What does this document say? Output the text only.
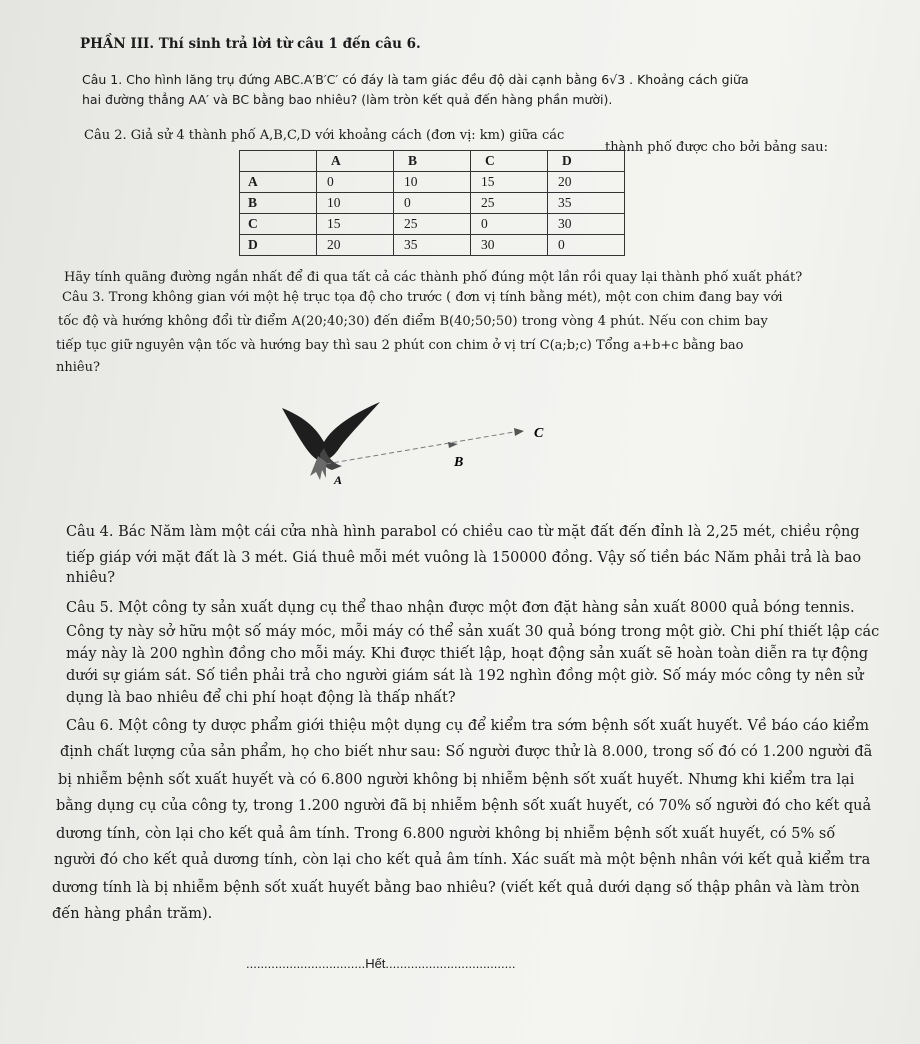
PHẦN III. Thí sinh trả lời từ câu 1 đến câu 6.
Câu 1. Cho hình lăng trụ đứng ABC.A′B′C′ có đáy là tam giác đều độ dài cạnh bằng 6√3 . Khoảng cách giữa
hai đường thẳng AA′ và BC bằng bao nhiêu? (làm tròn kết quả đến hàng phần mười).
Câu 2. Giả sử 4 thành phố A,B,C,D với khoảng cách (đơn vị: km) giữa các
thành phố được cho bởi bảng sau:
	A	B	C	D
A	0	10	15	20
B	10	0	25	35
C	15	25	0	30
D	20	35	30	0
Hãy tính quãng đường ngắn nhất để đi qua tất cả các thành phố đúng một lần rồi quay lại thành phố xuất phát?
Câu 3. Trong không gian với một hệ trục tọa độ cho trước ( đơn vị tính bằng mét), một con chim đang bay với
tốc độ và hướng không đổi từ điểm A(20;40;30) đến điểm B(40;50;50) trong vòng 4 phút. Nếu con chim bay
tiếp tục giữ nguyên vận tốc và hướng bay thì sau 2 phút con chim ở vị trí C(a;b;c) Tổng a+b+c bằng bao
nhiêu?
C
B
A
Câu 4. Bác Năm làm một cái cửa nhà hình parabol có chiều cao từ mặt đất đến đỉnh là 2,25 mét, chiều rộng
tiếp giáp với mặt đất là 3 mét. Giá thuê mỗi mét vuông là 150000 đồng. Vậy số tiền bác Năm phải trả là bao
nhiêu?
Câu 5. Một công ty sản xuất dụng cụ thể thao nhận được một đơn đặt hàng sản xuất 8000 quả bóng tennis.
Công ty này sở hữu một số máy móc, mỗi máy có thể sản xuất 30 quả bóng trong một giờ. Chi phí thiết lập các
máy này là 200 nghìn đồng cho mỗi máy. Khi được thiết lập, hoạt động sản xuất sẽ hoàn toàn diễn ra tự động
dưới sự giám sát. Số tiền phải trả cho người giám sát là 192 nghìn đồng một giờ. Số máy móc công ty nên sử
dụng là bao nhiêu để chi phí hoạt động là thấp nhất?
Câu 6. Một công ty dược phẩm giới thiệu một dụng cụ để kiểm tra sớm bệnh sốt xuất huyết. Về báo cáo kiểm
định chất lượng của sản phẩm, họ cho biết như sau: Số người được thử là 8.000, trong số đó có 1.200 người đã
bị nhiễm bệnh sốt xuất huyết và có 6.800 người không bị nhiễm bệnh sốt xuất huyết. Nhưng khi kiểm tra lại
bằng dụng cụ của công ty, trong 1.200 người đã bị nhiễm bệnh sốt xuất huyết, có 70% số người đó cho kết quả
dương tính, còn lại cho kết quả âm tính. Trong 6.800 người không bị nhiễm bệnh sốt xuất huyết, có 5% số
người đó cho kết quả dương tính, còn lại cho kết quả âm tính. Xác suất mà một bệnh nhân với kết quả kiểm tra
dương tính là bị nhiễm bệnh sốt xuất huyết bằng bao nhiêu? (viết kết quả dưới dạng số thập phân và làm tròn
đến hàng phần trăm).
.................................Hết....................................
